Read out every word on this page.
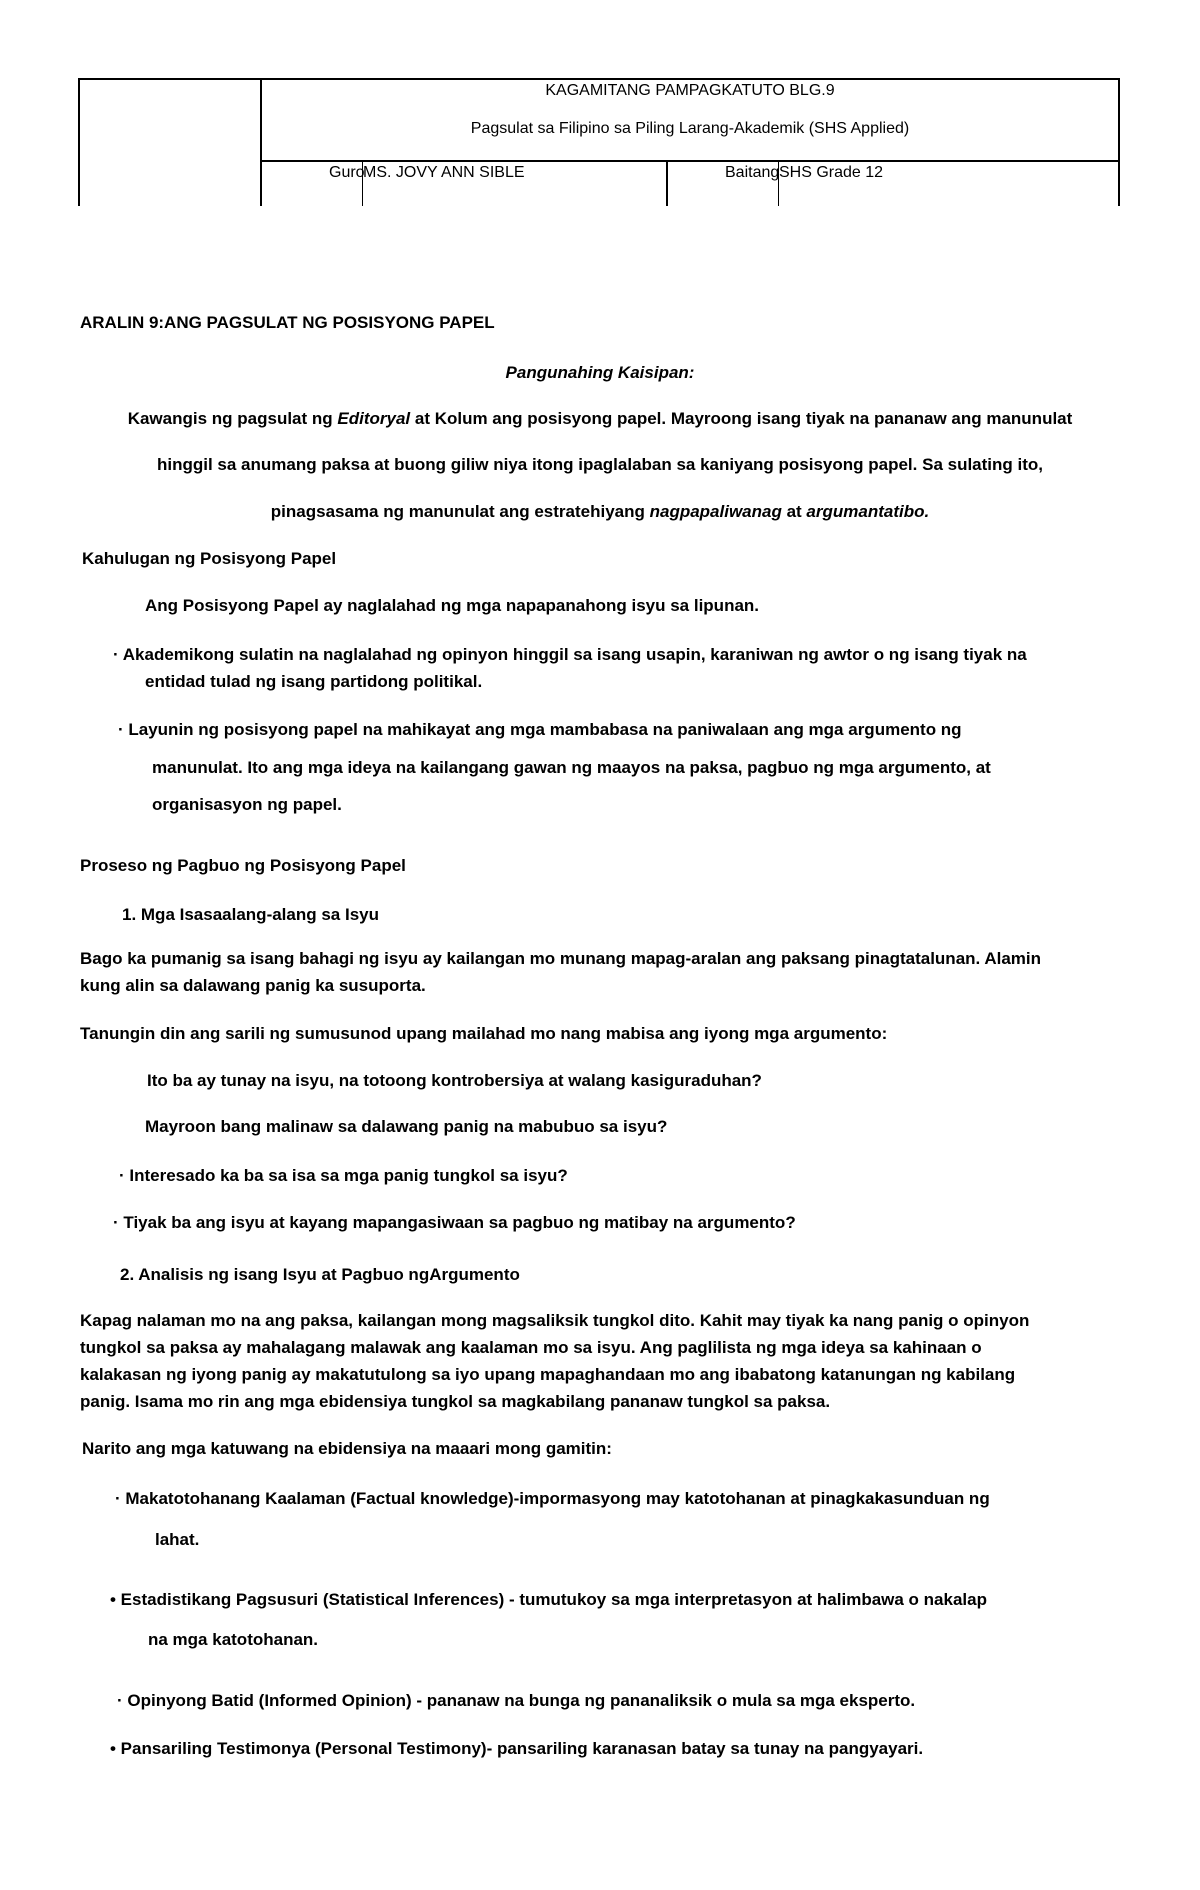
KAGAMITANG PAMPAGKATUTO BLG.9
Pagsulat sa Filipino sa Piling Larang-Akademik (SHS Applied)
Guro
MS. JOVY ANN SIBLE	Baitang SHS Grade 12
ARALIN 9:ANG PAGSULAT NG POSISYONG PAPEL
Pangunahing Kaisipan:
Kawangis ng pagsulat ng Editoryal at Kolum ang posisyong papel. Mayroong isang tiyak na pananaw ang manunulat
hinggil sa anumang paksa at buong giliw niya itong ipaglalaban sa kaniyang posisyong papel. Sa sulating ito,
pinagsasama ng manunulat ang estratehiyang nagpapaliwanag at argumantatibo.
Kahulugan ng Posisyong Papel
Ang Posisyong Papel ay naglalahad ng mga napapanahong isyu sa lipunan.
· Akademikong sulatin na naglalahad ng opinyon hinggil sa isang usapin, karaniwan ng awtor o ng isang tiyak na
entidad tulad ng isang partidong politikal.
· Layunin ng posisyong papel na mahikayat ang mga mambabasa na paniwalaan ang mga argumento ng
manunulat. Ito ang mga ideya na kailangang gawan ng maayos na paksa, pagbuo ng mga argumento, at
organisasyon ng papel.
Proseso ng Pagbuo ng Posisyong Papel
1. Mga Isasaalang-alang sa Isyu
Bago ka pumanig sa isang bahagi ng isyu ay kailangan mo munang mapag-aralan ang paksang pinagtatalunan. Alamin
kung alin sa dalawang panig ka susuporta.
Tanungin din ang sarili ng sumusunod upang mailahad mo nang mabisa ang iyong mga argumento:
Ito ba ay tunay na isyu, na totoong kontrobersiya at walang kasiguraduhan?
Mayroon bang malinaw sa dalawang panig na mabubuo sa isyu?
· Interesado ka ba sa isa sa mga panig tungkol sa isyu?
· Tiyak ba ang isyu at kayang mapangasiwaan sa pagbuo ng matibay na argumento?
2. Analisis ng isang Isyu at Pagbuo ngArgumento
Kapag nalaman mo na ang paksa, kailangan mong magsaliksik tungkol dito. Kahit may tiyak ka nang panig o opinyon
tungkol sa paksa ay mahalagang malawak ang kaalaman mo sa isyu. Ang paglilista ng mga ideya sa kahinaan o
kalakasan ng iyong panig ay makatutulong sa iyo upang mapaghandaan mo ang ibabatong katanungan ng kabilang
panig. Isama mo rin ang mga ebidensiya tungkol sa magkabilang pananaw tungkol sa paksa.
Narito ang mga katuwang na ebidensiya na maaari mong gamitin:
· Makatotohanang Kaalaman (Factual knowledge)-impormasyong may katotohanan at pinagkakasunduan ng
lahat.
• Estadistikang Pagsusuri (Statistical Inferences) - tumutukoy sa mga interpretasyon at halimbawa o nakalap
na mga katotohanan.
· Opinyong Batid (Informed Opinion) - pananaw na bunga ng pananaliksik o mula sa mga eksperto.
• Pansariling Testimonya (Personal Testimony)- pansariling karanasan batay sa tunay na pangyayari.
